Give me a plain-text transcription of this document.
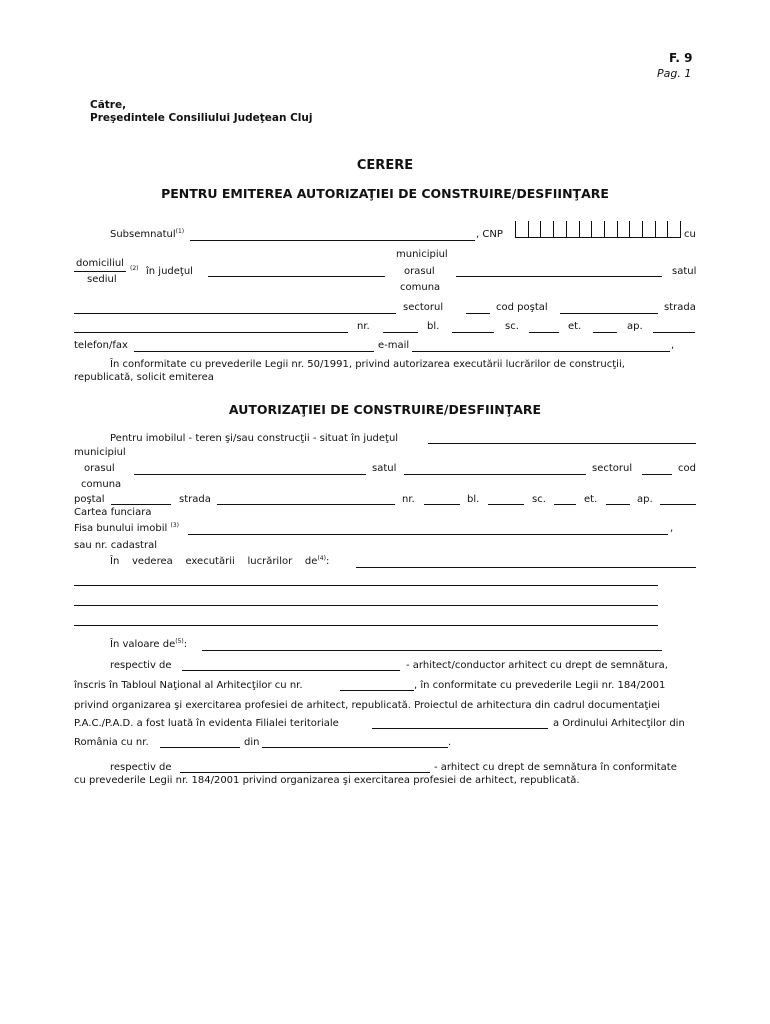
F. 9
Pag. 1
Către,
Preşedintele Consiliului Judeţean Cluj
CERERE
PENTRU EMITEREA AUTORIZAŢIEI DE CONSTRUIRE/DESFIINŢARE
Subsemnatul$^{(1)}$	, CNP	cu
domiciliul
sediul
$^{(2)}$ în judeţul
municipiul
orasul
comuna
satul
sectorul	cod poştal	strada
nr.	bl.	sc.	et.	ap.
telefon/fax	e-mail	,
În conformitate cu prevederile Legii nr. 50/1991, privind autorizarea executării lucrărilor de construcţii,
republicată, solicit emiterea
AUTORIZAŢIEI DE CONSTRUIRE/DESFIINŢARE
Pentru imobilul - teren şi/sau construcţii - situat în judeţul
municipiul
orasul	satul	sectorul	cod
comuna
poştal	strada	nr.	bl.	sc.	et.	ap.
Cartea funciara
Fisa bunului imobil $^{(3)}$	,
sau nr. cadastral
În    vederea    executării    lucrărilor    $de^{(4)}$:
În valoare $de^{(5)}$:
respectiv de	- arhitect/conductor arhitect cu drept de semnătura,
înscris în Tabloul Naţional al Arhitecţilor cu nr.	, în conformitate cu prevederile Legii nr. 184/2001
privind organizarea şi exercitarea profesiei de arhitect, republicată. Proiectul de arhitectura din cadrul documentaţiei
P.A.C./P.A.D. a fost luată în evidenta Filialei teritoriale	a Ordinului Arhitecţilor din
România cu nr.	din	.
respectiv de	- arhitect cu drept de semnătura în conformitate
cu prevederile Legii nr. 184/2001 privind organizarea şi exercitarea profesiei de arhitect, republicată.
